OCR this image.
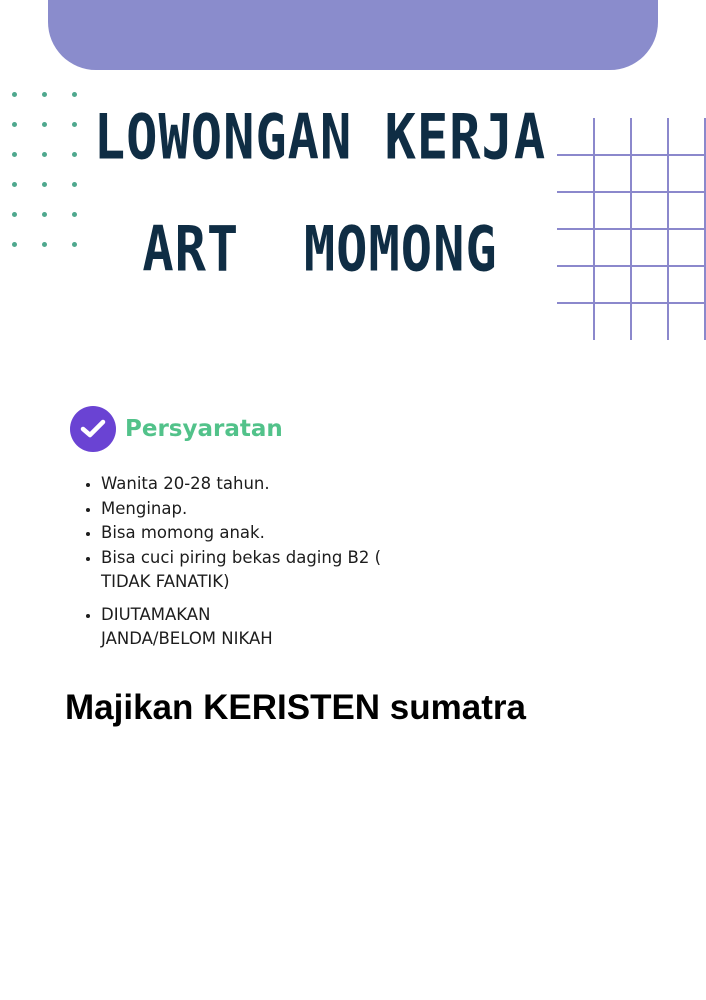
LOWONGAN KERJA
ART  MOMONG
Persyaratan
• Wanita 20-28 tahun.
• Menginap.
• Bisa momong anak.
• Bisa cuci piring bekas daging B2 ( TIDAK FANATIK)
• DIUTAMAKAN
JANDA/BELOM NIKAH

Majikan KERISTEN sumatra
